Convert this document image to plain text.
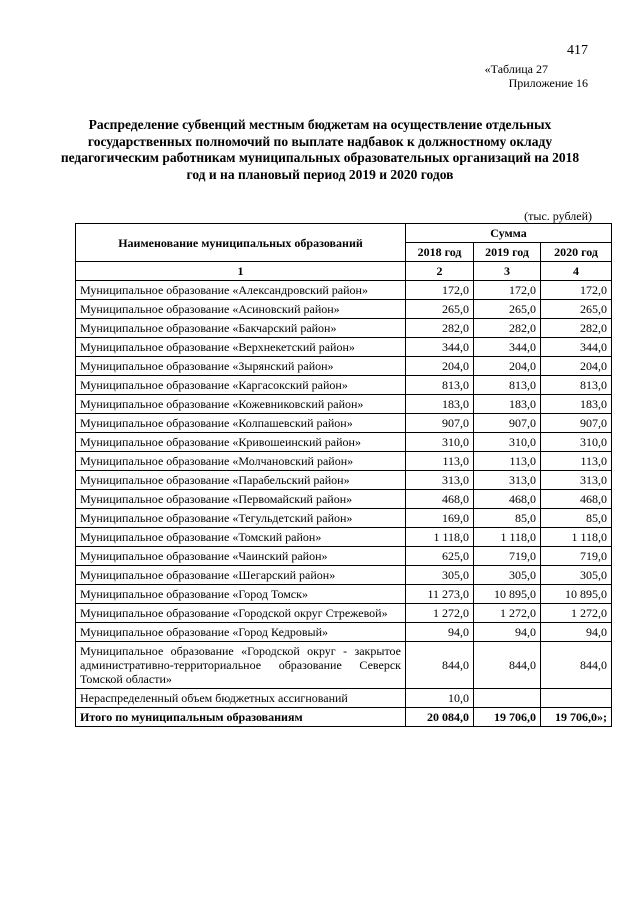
417
«Таблица 27
Приложение 16
Распределение субвенций местным бюджетам на осуществление отдельных государственных полномочий по выплате надбавок к должностному окладу педагогическим работникам муниципальных образовательных организаций на 2018 год и на плановый период 2019 и 2020 годов
(тыс. рублей)
Наименование муниципальных образований	Сумма		
	2018 год	2019 год	2020 год
1	2	3	4
Муниципальное образование «Александровский район»	172,0	172,0	172,0
Муниципальное образование «Асиновский район»	265,0	265,0	265,0
Муниципальное образование «Бакчарский район»	282,0	282,0	282,0
Муниципальное образование «Верхнекетский район»	344,0	344,0	344,0
Муниципальное образование «Зырянский район»	204,0	204,0	204,0
Муниципальное образование «Каргасокский район»	813,0	813,0	813,0
Муниципальное образование «Кожевниковский район»	183,0	183,0	183,0
Муниципальное образование «Колпашевский район»	907,0	907,0	907,0
Муниципальное образование «Кривошеинский район»	310,0	310,0	310,0
Муниципальное образование «Молчановский район»	113,0	113,0	113,0
Муниципальное образование «Парабельский район»	313,0	313,0	313,0
Муниципальное образование «Первомайский район»	468,0	468,0	468,0
Муниципальное образование «Тегульдетский район»	169,0	85,0	85,0
Муниципальное образование «Томский район»	1 118,0	1 118,0	1 118,0
Муниципальное образование «Чаинский район»	625,0	719,0	719,0
Муниципальное образование «Шегарский район»	305,0	305,0	305,0
Муниципальное образование «Город Томск»	11 273,0	10 895,0	10 895,0
Муниципальное образование «Городской округ Стрежевой»	1 272,0	1 272,0	1 272,0
Муниципальное образование «Город Кедровый»	94,0	94,0	94,0
Муниципальное образование «Городской округ - закрытое административно-территориальное образование Северск Томской области»	844,0	844,0	844,0
Нераспределенный объем бюджетных ассигнований	10,0		
Итого по муниципальным образованиям	20 084,0	19 706,0	19 706,0»;
